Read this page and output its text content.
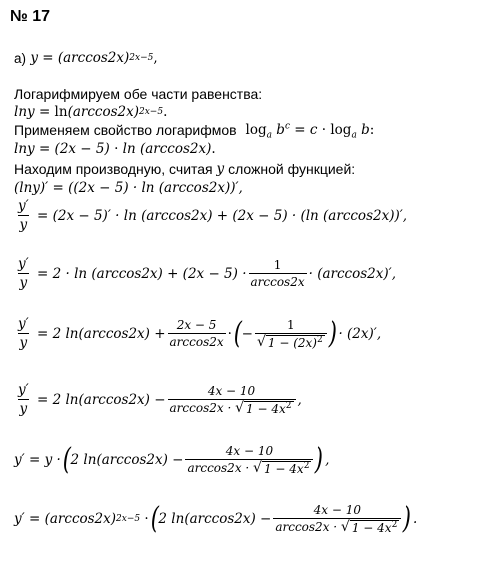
№ 17
а)
y
=
(arccos2x) 2x−5 ,
Логарифмируем обе части равенства:
lny
=
ln (arccos2x) 2x−5 .
Применяем свойство логарифмов
$\log_a b^c = c \cdot \log_a b$:
lny
=
(2x − 5)
·
ln (arccos2x) .
Находим производную, считая
y
сложной функцией:
(lny)′ = ((2x − 5) · ln (arccos2x))′,
$\frac{y'}{y}$
=
(2x − 5)′ · ln (arccos2x) + (2x − 5) · (ln (arccos2x))′,
$\frac{y'}{y}$
=
$2 \cdot \ln (\arccos 2x) + (2x - 5) \cdot \frac{1}{\arccos 2x} \cdot (\arccos 2x)'$,
$\frac{y'}{y}$
=
2 $\ln(\arccos 2x) + \frac{2x - 5}{\arccos 2x}$ · ( − $\frac{1}{√ 1 - (2x)^2}$ ) · (2x)′,
$\frac{y'}{y}$
=
2 $\ln(\arccos 2x) - \frac{4x - 10}{\arccos 2x \cdot √ 1 - 4x^2}$ ,
y′
=
y · ( 2 $\ln(\arccos 2x) - \frac{4x - 10}{\arccos 2x \cdot √ 1 - 4x^2}$ ) ,
y′
=
(arccos2x) 2x−5
· ( 2 $\ln(\arccos 2x) - \frac{4x - 10}{\arccos 2x \cdot √ 1 - 4x^2}$ ) .
